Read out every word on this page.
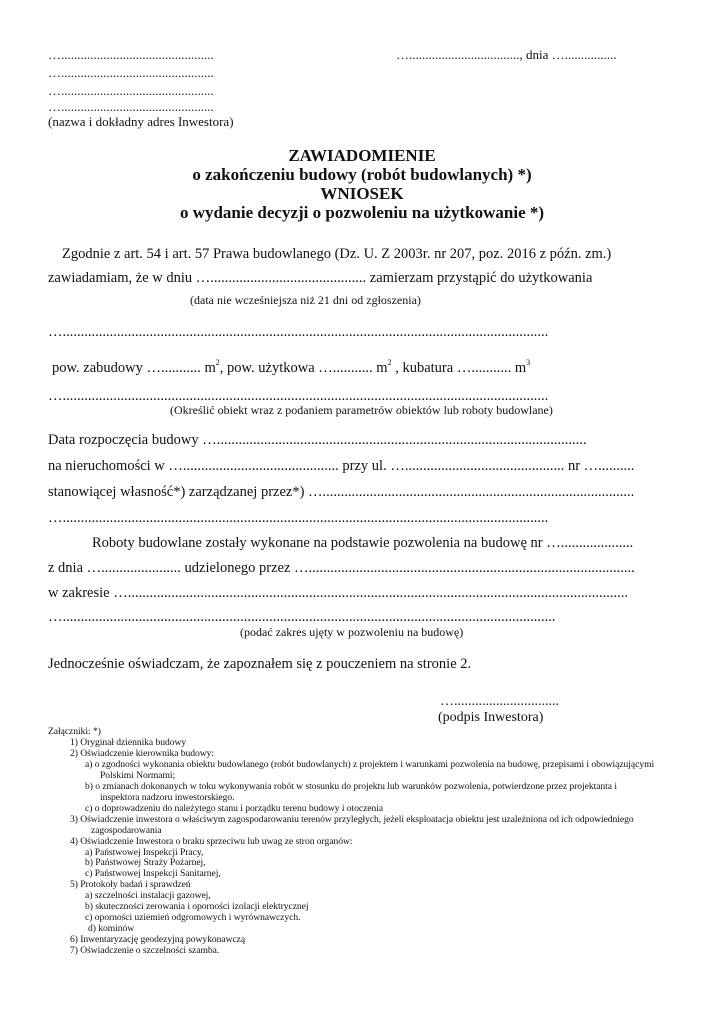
…...............................................
…...............................................
…...............................................
…...............................................
(nazwa i dokładny adres Inwestora)
….................................., dnia …................
ZAWIADOMIENIE
o zakończeniu budowy (robót budowlanych) *)
WNIOSEK
o wydanie decyzji o pozwoleniu na użytkowanie *)
Zgodnie z art. 54 i art. 57 Prawa budowlanego (Dz. U. Z 2003r. nr 207, poz. 2016 z późn. zm.)
zawiadamiam, że w dniu …........................................... zamierzam przystąpić do użytkowania
(data nie wcześniejsza niż 21 dni od zgłoszenia)
…......................................................................................................................................
pow. zabudowy …........... $m^2$, pow. użytkowa …........... $m^2$ , kubatura …........... $m^3$
…......................................................................................................................................
(Określić obiekt wraz z podaniem parametrów obiektów lub roboty budowlane)
Data rozpoczęcia budowy …......................................................................................................
na nieruchomości w …........................................... przy ul. …............................................ nr …..........
stanowiącej własność*) zarządzanej przez*) …......................................................................................
…......................................................................................................................................
Roboty budowlane zostały wykonane na podstawie pozwolenia na budowę nr …....................
z dnia …...................... udzielonego przez …..........................................................................................
w zakresie …..........................................................................................................................................
…........................................................................................................................................
(podać zakres ujęty w pozwoleniu na budowę)
Jednocześnie oświadczam, że zapoznałem się z pouczeniem na stronie 2.
…..............................
(podpis Inwestora)
Załączniki: *)
1) Oryginał dziennika budowy
2) Oświadczenie kierownika budowy:
a) o zgodności wykonania obiektu budowlanego (robót budowlanych) z projektem i warunkami pozwolenia na budowę, przepisami i obowiązującymi
Polskimi Normami;
b) o zmianach dokonanych w toku wykonywania robót w stosunku do projektu lub warunków pozwolenia, potwierdzone przez projektanta i
inspektora nadzoru inwestorskiego.
c) o doprowadzeniu do należytego stanu i porządku terenu budowy i otoczenia
3) Oświadczenie inwestora o właściwym zagospodarowaniu terenów przyległych, jeżeli eksploatacja obiektu jest uzależniona od ich odpowiedniego
zagospodarowania
4) Oświadczenie Inwestora o braku sprzeciwu lub uwag ze stron organów:
a) Państwowej Inspekcji Pracy,
b) Państwowej Straży Pożarnej,
c) Państwowej Inspekcji Sanitarnej,
5) Protokoły badań i sprawdzeń
a) szczelności instalacji gazowej,
b) skuteczności zerowania i oporności izolacji elektrycznej
c) oporności uziemień odgromowych i wyrównawczych.
d) kominów
6) Inwentaryzację geodezyjną powykonawczą
7) Oświadczenie o szczelności szamba.
